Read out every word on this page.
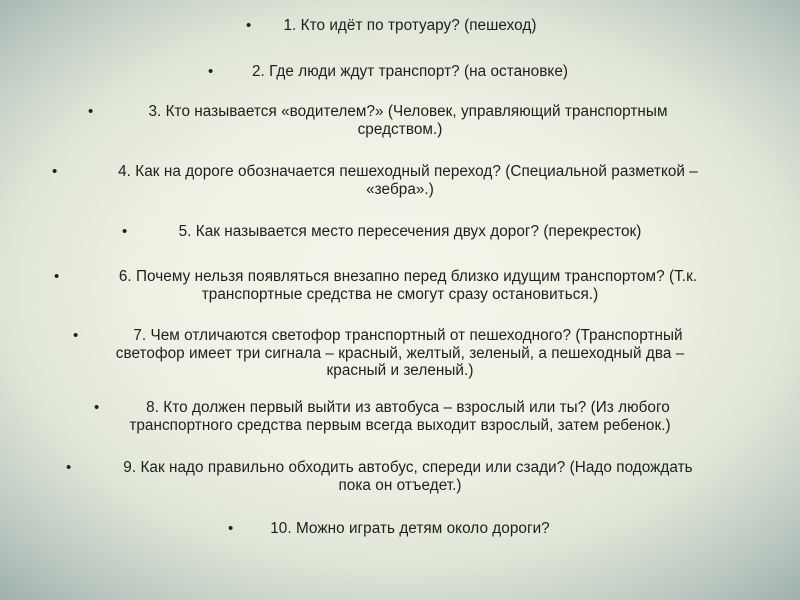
•	1. Кто идёт по тротуару? (пешеход)
•	2. Где люди ждут транспорт? (на остановке)
•	3. Кто называется «водителем?» (Человек, управляющий транспортным
средством.)
•	4. Как на дороге обозначается пешеходный переход? (Специальной разметкой –
«зебра».)
•	5. Как называется место пересечения двух дорог? (перекресток)
•	6. Почему нельзя появляться внезапно перед близко идущим транспортом? (Т.к.
транспортные средства не смогут сразу остановиться.)
•	7. Чем отличаются светофор транспортный от пешеходного? (Транспортный
светофор имеет три сигнала – красный, желтый, зеленый, а пешеходный два –
красный и зеленый.)
•	8. Кто должен первый выйти из автобуса – взрослый или ты? (Из любого
транспортного средства первым всегда выходит взрослый, затем ребенок.)
•	9. Как надо правильно обходить автобус, спереди или сзади? (Надо подождать
пока он отъедет.)
•	10. Можно играть детям около дороги?
